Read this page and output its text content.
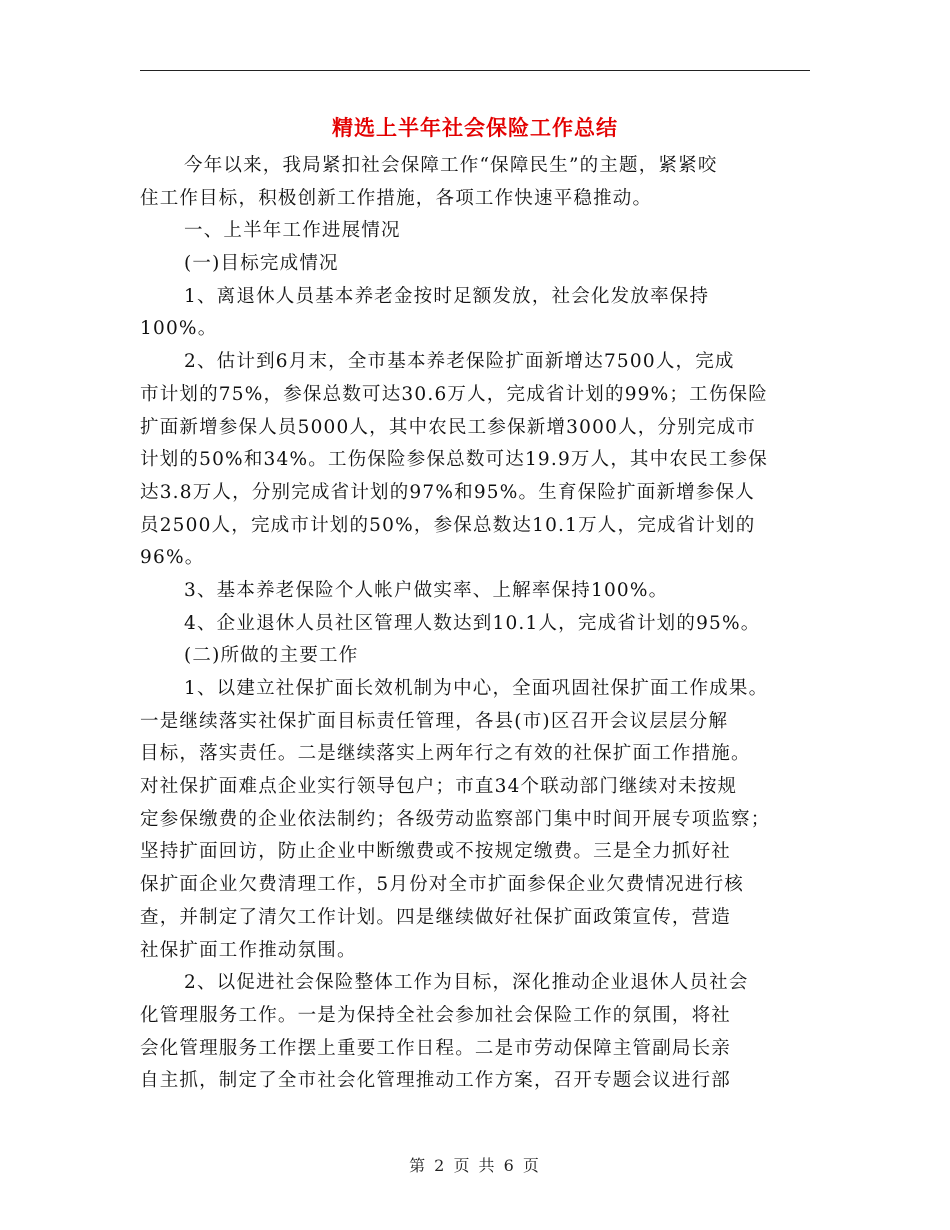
精选上半年社会保险工作总结
今年以来，我局紧扣社会保障工作“保障民生”的主题，紧紧咬
住工作目标，积极创新工作措施，各项工作快速平稳推动。
一、上半年工作进展情况
(一)目标完成情况
1、离退休人员基本养老金按时足额发放，社会化发放率保持
100%。
2、估计到6月末，全市基本养老保险扩面新增达7500人，完成
市计划的75%，参保总数可达30.6万人，完成省计划的99%；工伤保险
扩面新增参保人员5000人，其中农民工参保新增3000人，分别完成市
计划的50%和34%。工伤保险参保总数可达19.9万人，其中农民工参保
达3.8万人，分别完成省计划的97%和95%。生育保险扩面新增参保人
员2500人，完成市计划的50%，参保总数达10.1万人，完成省计划的
96%。
3、基本养老保险个人帐户做实率、上解率保持100%。
4、企业退休人员社区管理人数达到10.1人，完成省计划的95%。
(二)所做的主要工作
1、以建立社保扩面长效机制为中心，全面巩固社保扩面工作成果。
一是继续落实社保扩面目标责任管理，各县(市)区召开会议层层分解
目标，落实责任。二是继续落实上两年行之有效的社保扩面工作措施。
对社保扩面难点企业实行领导包户；市直34个联动部门继续对未按规
定参保缴费的企业依法制约；各级劳动监察部门集中时间开展专项监察；
坚持扩面回访，防止企业中断缴费或不按规定缴费。三是全力抓好社
保扩面企业欠费清理工作，5月份对全市扩面参保企业欠费情况进行核
查，并制定了清欠工作计划。四是继续做好社保扩面政策宣传，营造
社保扩面工作推动氛围。
2、以促进社会保险整体工作为目标，深化推动企业退休人员社会
化管理服务工作。一是为保持全社会参加社会保险工作的氛围，将社
会化管理服务工作摆上重要工作日程。二是市劳动保障主管副局长亲
自主抓，制定了全市社会化管理推动工作方案，召开专题会议进行部
第 2 页 共 6 页
